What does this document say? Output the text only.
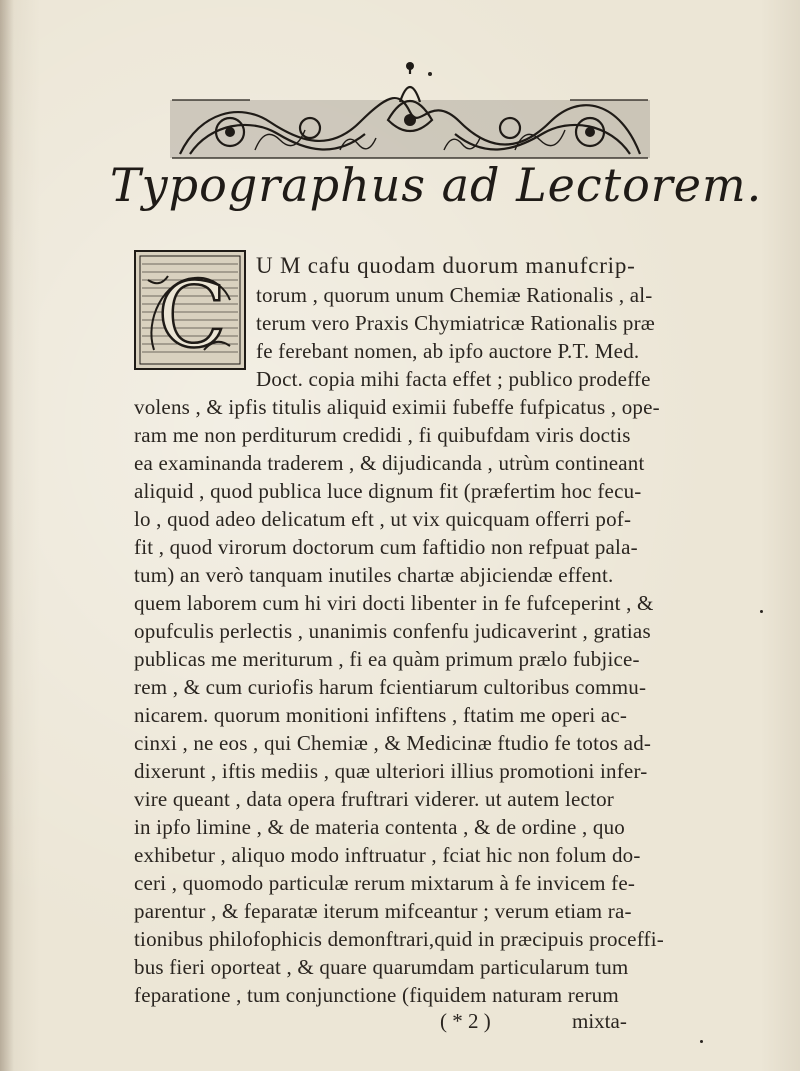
Typographus ad Lectorem.
C U M cafu quodam duorum manufcrip-

torum , quorum unum Chemiæ Rationalis , al-

terum vero Praxis Chymiatricæ Rationalis præ

fe ferebant nomen, ab ipfo auctore P.T. Med.

Doct. copia mihi facta effet ; publico prodeffe

volens , & ipfis titulis aliquid eximii fubeffe fufpicatus , ope-

ram me non perditurum credidi , fi quibufdam viris doctis

ea examinanda traderem , & dijudicanda , utrùm contineant

aliquid , quod publica luce dignum fit (præfertim hoc fecu-

lo , quod adeo delicatum eft , ut vix quicquam offerri pof-

fit , quod virorum doctorum cum faftidio non refpuat pala-

tum) an verò tanquam inutiles chartæ abjiciendæ effent.

quem laborem cum hi viri docti libenter in fe fufceperint , &

opufculis perlectis , unanimis confenfu judicaverint , gratias

publicas me meriturum , fi ea quàm primum prælo fubjice-

rem , & cum curiofis harum fcientiarum cultoribus commu-

nicarem. quorum monitioni infiftens , ftatim me operi ac-

cinxi , ne eos , qui Chemiæ , & Medicinæ ftudio fe totos ad-

dixerunt , iftis mediis , quæ ulteriori illius promotioni infer-

vire queant , data opera fruftrari viderer. ut autem lector

in ipfo limine , & de materia contenta , & de ordine , quo

exhibetur , aliquo modo inftruatur , fciat hic non folum do-

ceri , quomodo particulæ rerum mixtarum à fe invicem fe-

parentur , & feparatæ iterum mifceantur ; verum etiam ra-

tionibus philofophicis demonftrari,quid in præcipuis proceffi-

bus fieri oporteat , & quare quarumdam particularum tum

feparatione , tum conjunctione (fiquidem naturam rerum

( * 2 )	mixta-
